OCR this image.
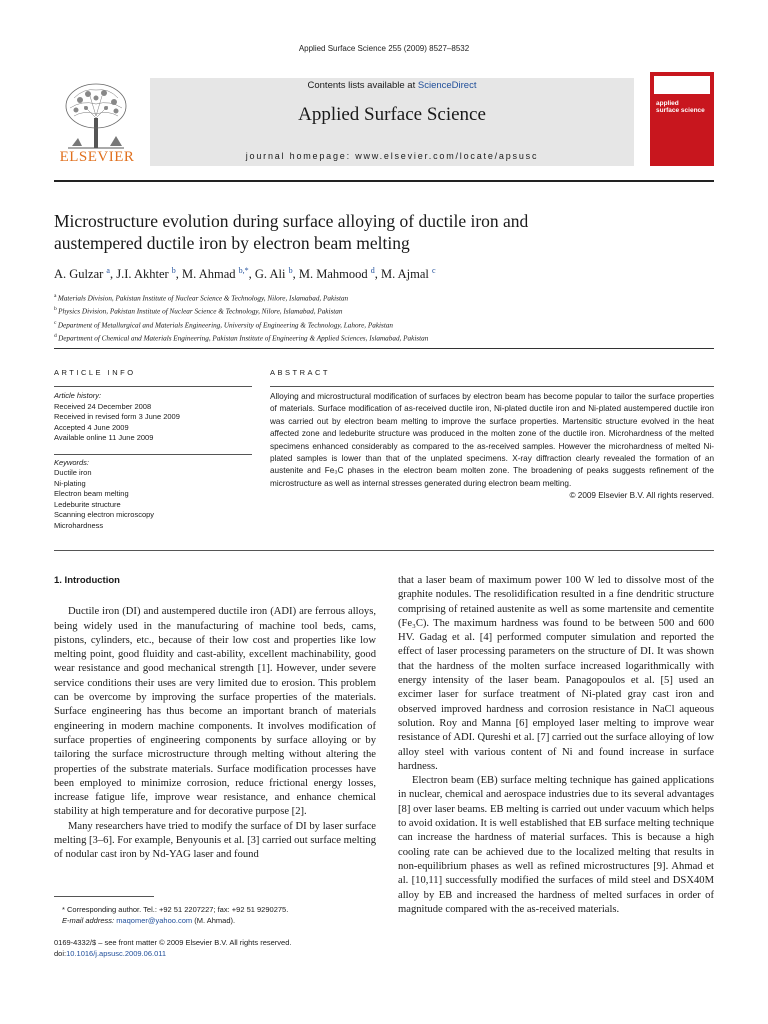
Applied Surface Science 255 (2009) 8527–8532
ELSEVIER
Contents lists available at ScienceDirect
Applied Surface Science
journal homepage: www.elsevier.com/locate/apsusc
applied
surface science
Microstructure evolution during surface alloying of ductile iron and
austempered ductile iron by electron beam melting
A. Gulzar $^a$, J.I. Akhter $^b$, M. Ahmad $^{b,*}$, G. Ali $^b$, M. Mahmood $^d$, M. Ajmal $^c$
$^a$ Materials Division, Pakistan Institute of Nuclear Science & Technology, Nilore, Islamabad, Pakistan
$^b$ Physics Division, Pakistan Institute of Nuclear Science & Technology, Nilore, Islamabad, Pakistan
$^c$ Department of Metallurgical and Materials Engineering, University of Engineering & Technology, Lahore, Pakistan
$^d$ Department of Chemical and Materials Engineering, Pakistan Institute of Engineering & Applied Sciences, Islamabad, Pakistan
ARTICLE INFO
Article history:
Received 24 December 2008
Received in revised form 3 June 2009
Accepted 4 June 2009
Available online 11 June 2009
Keywords:
Ductile iron
Ni-plating
Electron beam melting
Ledeburite structure
Scanning electron microscopy
Microhardness
ABSTRACT
Alloying and microstructural modification of surfaces by electron beam has become popular to tailor the surface properties of materials. Surface modification of as-received ductile iron, Ni-plated ductile iron and Ni-plated austempered ductile iron was carried out by electron beam melting to improve the surface properties. Martensitic structure evolved in the heat affected zone and ledeburite structure was produced in the molten zone of the ductile iron. Microhardness of the melted specimens enhanced considerably as compared to the as-received samples. However the microhardness of melted Ni-plated samples is lower than that of the unplated specimens. X-ray diffraction clearly revealed the formation of an austenite and Fe₃C phases in the electron beam molten zone. The broadening of peaks suggests refinement of the microstructure as well as internal stresses generated during electron beam melting.
© 2009 Elsevier B.V. All rights reserved.
1. Introduction

Ductile iron (DI) and austempered ductile iron (ADI) are ferrous alloys, being widely used in the manufacturing of machine tool beds, cams, pistons, cylinders, etc., because of their low cost and properties like low melting point, good fluidity and cast-ability, excellent machinability, good wear resistance and good mechanical strength [1]. However, under severe service conditions their uses are very limited due to erosion. This problem can be overcome by improving the surface properties of the materials. Surface engineering has thus become an important branch of materials engineering in modern machine components. It involves modification of surface properties of engineering components by surface alloying or by tailoring the surface microstructure through melting without altering the properties of the substrate materials. Surface modification processes have been employed to minimize corrosion, reduce frictional energy losses, increase fatigue life, improve wear resistance, and enhance chemical stability at high temperature and for decorative purpose [2].

Many researchers have tried to modify the surface of DI by laser surface melting [3–6]. For example, Benyounis et al. [3] carried out surface melting of nodular cast iron by Nd-YAG laser and found

that a laser beam of maximum power 100 W led to dissolve most of the graphite nodules. The resolidification resulted in a fine dendritic structure comprising of retained austenite as well as some martensite and cementite (Fe₃C). The maximum hardness was found to be between 500 and 600 HV. Gadag et al. [4] performed computer simulation and reported the effect of laser processing parameters on the structure of DI. It was shown that the hardness of the molten surface increased logarithmically with energy intensity of the laser beam. Panagopoulos et al. [5] used an excimer laser for surface treatment of Ni-plated gray cast iron and observed improved hardness and corrosion resistance in NaCl aqueous solution. Roy and Manna [6] employed laser melting to improve wear resistance of ADI. Qureshi et al. [7] carried out the surface alloying of low alloy steel with various content of Ni and found increase in surface hardness.

Electron beam (EB) surface melting technique has gained applications in nuclear, chemical and aerospace industries due to its several advantages [8] over laser beams. EB melting is carried out under vacuum which helps to avoid oxidation. It is well established that EB surface melting technique can increase the hardness of material surfaces. This is because a high cooling rate can be achieved due to the localized melting that results in non-equilibrium phases as well as refined microstructures [9]. Ahmad et al. [10,11] successfully modified the surfaces of mild steel and DSX40M alloy by EB and increased the hardness of melted surfaces in order of magnitude compared with the as-received materials.

* Corresponding author. Tel.: +92 51 2207227; fax: +92 51 9290275.
E-mail address: maqomer@yahoo.com (M. Ahmad).
0169-4332/$ – see front matter © 2009 Elsevier B.V. All rights reserved.
doi:10.1016/j.apsusc.2009.06.011
